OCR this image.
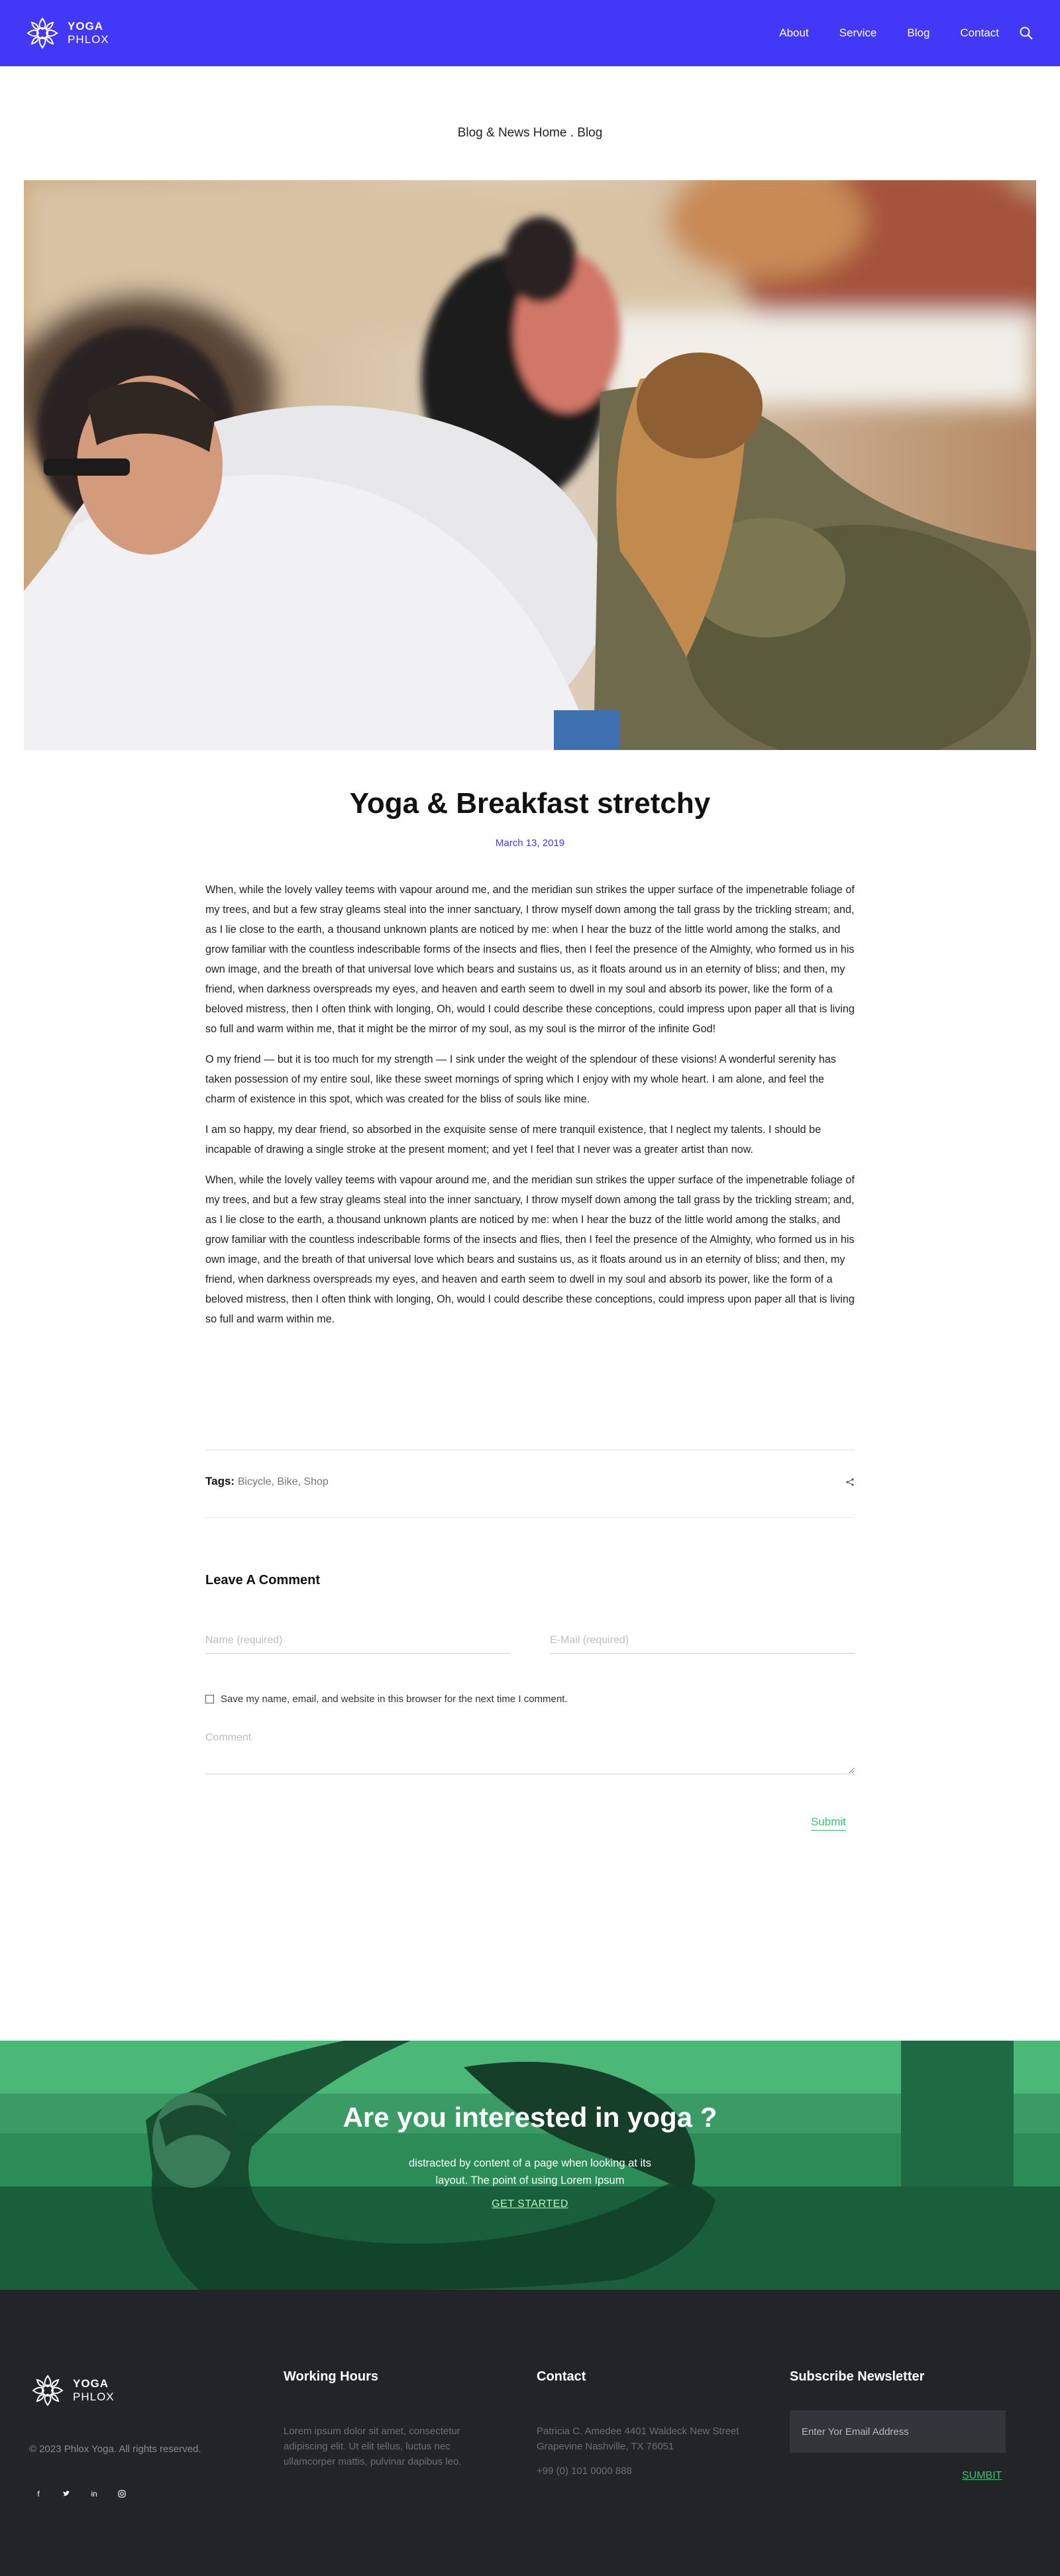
YOGA
PHLOX
About	Service	Blog	Contact
Blog & News Home . Blog
Yoga & Breakfast stretchy
March 13, 2019

When, while the lovely valley teems with vapour around me, and the meridian sun strikes the upper surface of the impenetrable foliage of my trees, and but a few stray gleams steal into the inner sanctuary, I throw myself down among the tall grass by the trickling stream; and, as I lie close to the earth, a thousand unknown plants are noticed by me: when I hear the buzz of the little world among the stalks, and grow familiar with the countless indescribable forms of the insects and flies, then I feel the presence of the Almighty, who formed us in his own image, and the breath of that universal love which bears and sustains us, as it floats around us in an eternity of bliss; and then, my friend, when darkness overspreads my eyes, and heaven and earth seem to dwell in my soul and absorb its power, like the form of a beloved mistress, then I often think with longing, Oh, would I could describe these conceptions, could impress upon paper all that is living so full and warm within me, that it might be the mirror of my soul, as my soul is the mirror of the infinite God!

O my friend — but it is too much for my strength — I sink under the weight of the splendour of these visions! A wonderful serenity has taken possession of my entire soul, like these sweet mornings of spring which I enjoy with my whole heart. I am alone, and feel the charm of existence in this spot, which was created for the bliss of souls like mine.

I am so happy, my dear friend, so absorbed in the exquisite sense of mere tranquil existence, that I neglect my talents. I should be incapable of drawing a single stroke at the present moment; and yet I feel that I never was a greater artist than now.

When, while the lovely valley teems with vapour around me, and the meridian sun strikes the upper surface of the impenetrable foliage of my trees, and but a few stray gleams steal into the inner sanctuary, I throw myself down among the tall grass by the trickling stream; and, as I lie close to the earth, a thousand unknown plants are noticed by me: when I hear the buzz of the little world among the stalks, and grow familiar with the countless indescribable forms of the insects and flies, then I feel the presence of the Almighty, who formed us in his own image, and the breath of that universal love which bears and sustains us, as it floats around us in an eternity of bliss; and then, my friend, when darkness overspreads my eyes, and heaven and earth seem to dwell in my soul and absorb its power, like the form of a beloved mistress, then I often think with longing, Oh, would I could describe these conceptions, could impress upon paper all that is living so full and warm within me.

Tags: Bicycle, Bike, Shop
Leave A Comment
Name (required)
E-Mail (required)
Save my name, email, and website in this browser for the next time I comment.
Comment
Submit
Are you interested in yoga ?

distracted by content of a page when looking at its layout. The point of using Lorem Ipsum

GET STARTED
YOGA
PHLOX
© 2023 Phlox Yoga. All rights reserved.
f	in
Working Hours

Lorem ipsum dolor sit amet, consectetur adipiscing elit. Ut elit tellus, luctus nec ullamcorper mattis, pulvinar dapibus leo.

Contact

Patricia C. Amedee 4401 Waldeck New Street Grapevine Nashville, TX 76051

+99 (0) 101 0000 888

Subscribe Newsletter
Enter Yor Email Address
SUMBIT
